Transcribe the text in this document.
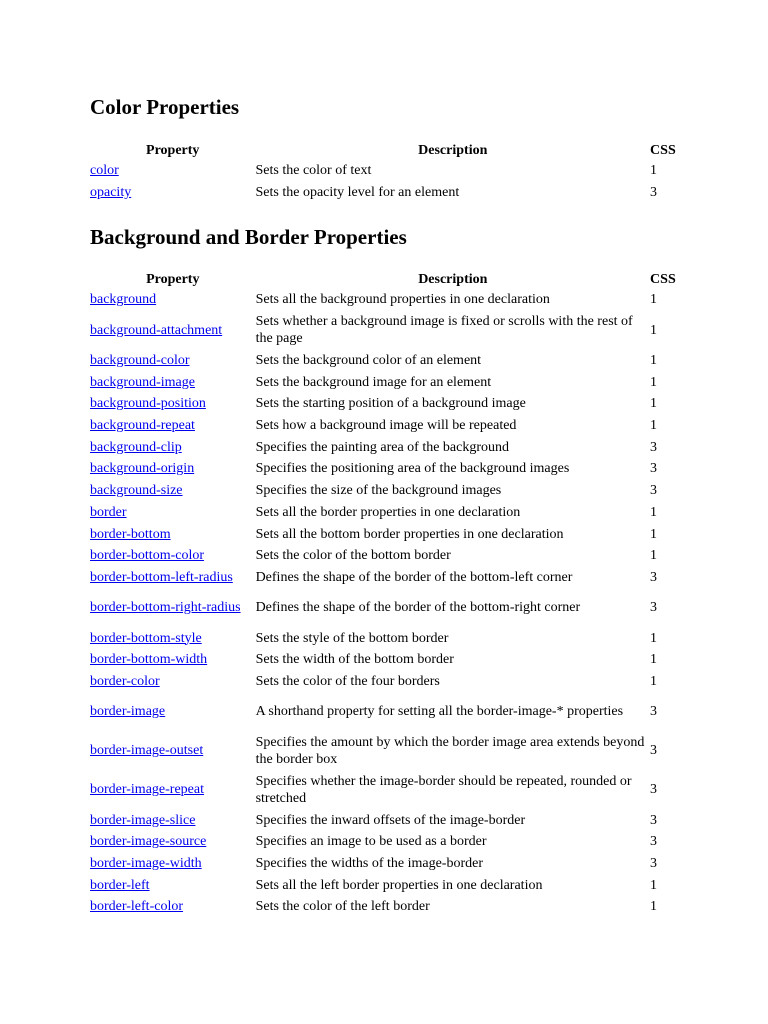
Color Properties
Property	Description	CSS
color	Sets the color of text	1
opacity	Sets the opacity level for an element	3
Background and Border Properties
Property	Description	CSS
background	Sets all the background properties in one declaration	1
background-attachment	Sets whether a background image is fixed or scrolls with the rest of the page	1
background-color	Sets the background color of an element	1
background-image	Sets the background image for an element	1
background-position	Sets the starting position of a background image	1
background-repeat	Sets how a background image will be repeated	1
background-clip	Specifies the painting area of the background	3
background-origin	Specifies the positioning area of the background images	3
background-size	Specifies the size of the background images	3
border	Sets all the border properties in one declaration	1
border-bottom	Sets all the bottom border properties in one declaration	1
border-bottom-color	Sets the color of the bottom border	1
border-bottom-left-radius	Defines the shape of the border of the bottom-left corner	3
border-bottom-right-radius	Defines the shape of the border of the bottom-right corner	3
border-bottom-style	Sets the style of the bottom border	1
border-bottom-width	Sets the width of the bottom border	1
border-color	Sets the color of the four borders	1
border-image	A shorthand property for setting all the border-image-* properties	3
border-image-outset	Specifies the amount by which the border image area extends beyond the border box	3
border-image-repeat	Specifies whether the image-border should be repeated, rounded or stretched	3
border-image-slice	Specifies the inward offsets of the image-border	3
border-image-source	Specifies an image to be used as a border	3
border-image-width	Specifies the widths of the image-border	3
border-left	Sets all the left border properties in one declaration	1
border-left-color	Sets the color of the left border	1
